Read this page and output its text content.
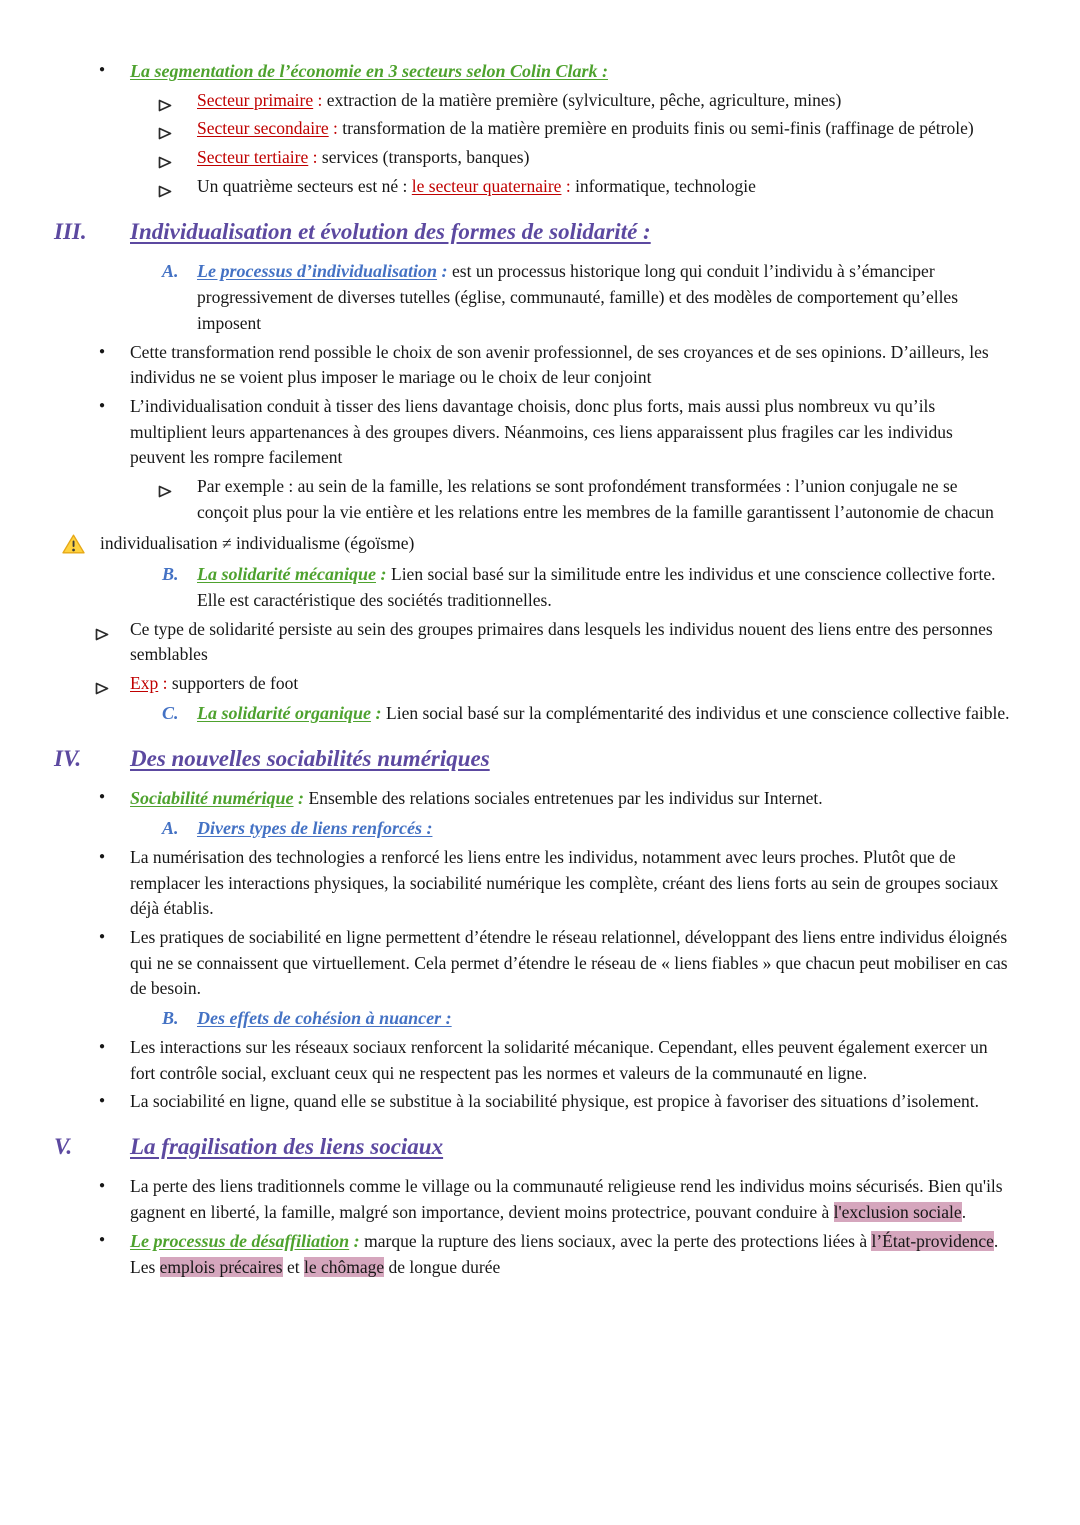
● La segmentation de l’économie en 3 secteurs selon Colin Clark :
Secteur primaire : extraction de la matière première (sylviculture, pêche, agriculture, mines)
Secteur secondaire : transformation de la matière première en produits finis ou semi-finis (raffinage de pétrole)
Secteur tertiaire : services (transports, banques)
Un quatrième secteurs est né : le secteur quaternaire : informatique, technologie
III. Individualisation et évolution des formes de solidarité :
A. Le processus d’individualisation : est un processus historique long qui conduit l’individu à s’émanciper progressivement de diverses tutelles (église, communauté, famille) et des modèles de comportement qu’elles imposent
● Cette transformation rend possible le choix de son avenir professionnel, de ses croyances et de ses opinions. D’ailleurs, les individus ne se voient plus imposer le mariage ou le choix de leur conjoint
● L’individualisation conduit à tisser des liens davantage choisis, donc plus forts, mais aussi plus nombreux vu qu’ils multiplient leurs appartenances à des groupes divers. Néanmoins, ces liens apparaissent plus fragiles car les individus peuvent les rompre facilement
Par exemple : au sein de la famille, les relations se sont profondément transformées : l’union conjugale ne se conçoit plus pour la vie entière et les relations entre les membres de la famille garantissent l’autonomie de chacun
individualisation ≠ individualisme (égoïsme)
B. La solidarité mécanique : Lien social basé sur la similitude entre les individus et une conscience collective forte. Elle est caractéristique des sociétés traditionnelles.
Ce type de solidarité persiste au sein des groupes primaires dans lesquels les individus nouent des liens entre des personnes semblables
Exp : supporters de foot
C. La solidarité organique : Lien social basé sur la complémentarité des individus et une conscience collective faible.
IV. Des nouvelles sociabilités numériques
● Sociabilité numérique : Ensemble des relations sociales entretenues par les individus sur Internet.
A. Divers types de liens renforcés :
● La numérisation des technologies a renforcé les liens entre les individus, notamment avec leurs proches. Plutôt que de remplacer les interactions physiques, la sociabilité numérique les complète, créant des liens forts au sein de groupes sociaux déjà établis.
● Les pratiques de sociabilité en ligne permettent d’étendre le réseau relationnel, développant des liens entre individus éloignés qui ne se connaissent que virtuellement. Cela permet d’étendre le réseau de « liens fiables » que chacun peut mobiliser en cas de besoin.
B. Des effets de cohésion à nuancer :
● Les interactions sur les réseaux sociaux renforcent la solidarité mécanique. Cependant, elles peuvent également exercer un fort contrôle social, excluant ceux qui ne respectent pas les normes et valeurs de la communauté en ligne.
● La sociabilité en ligne, quand elle se substitue à la sociabilité physique, est propice à favoriser des situations d’isolement.
V.	La fragilisation des liens sociaux
● La perte des liens traditionnels comme le village ou la communauté religieuse rend les individus moins sécurisés. Bien qu'ils gagnent en liberté, la famille, malgré son importance, devient moins protectrice, pouvant conduire à l'exclusion sociale.
● Le processus de désaffiliation : marque la rupture des liens sociaux, avec la perte des protections liées à l’État-providence. Les emplois précaires et le chômage de longue durée
